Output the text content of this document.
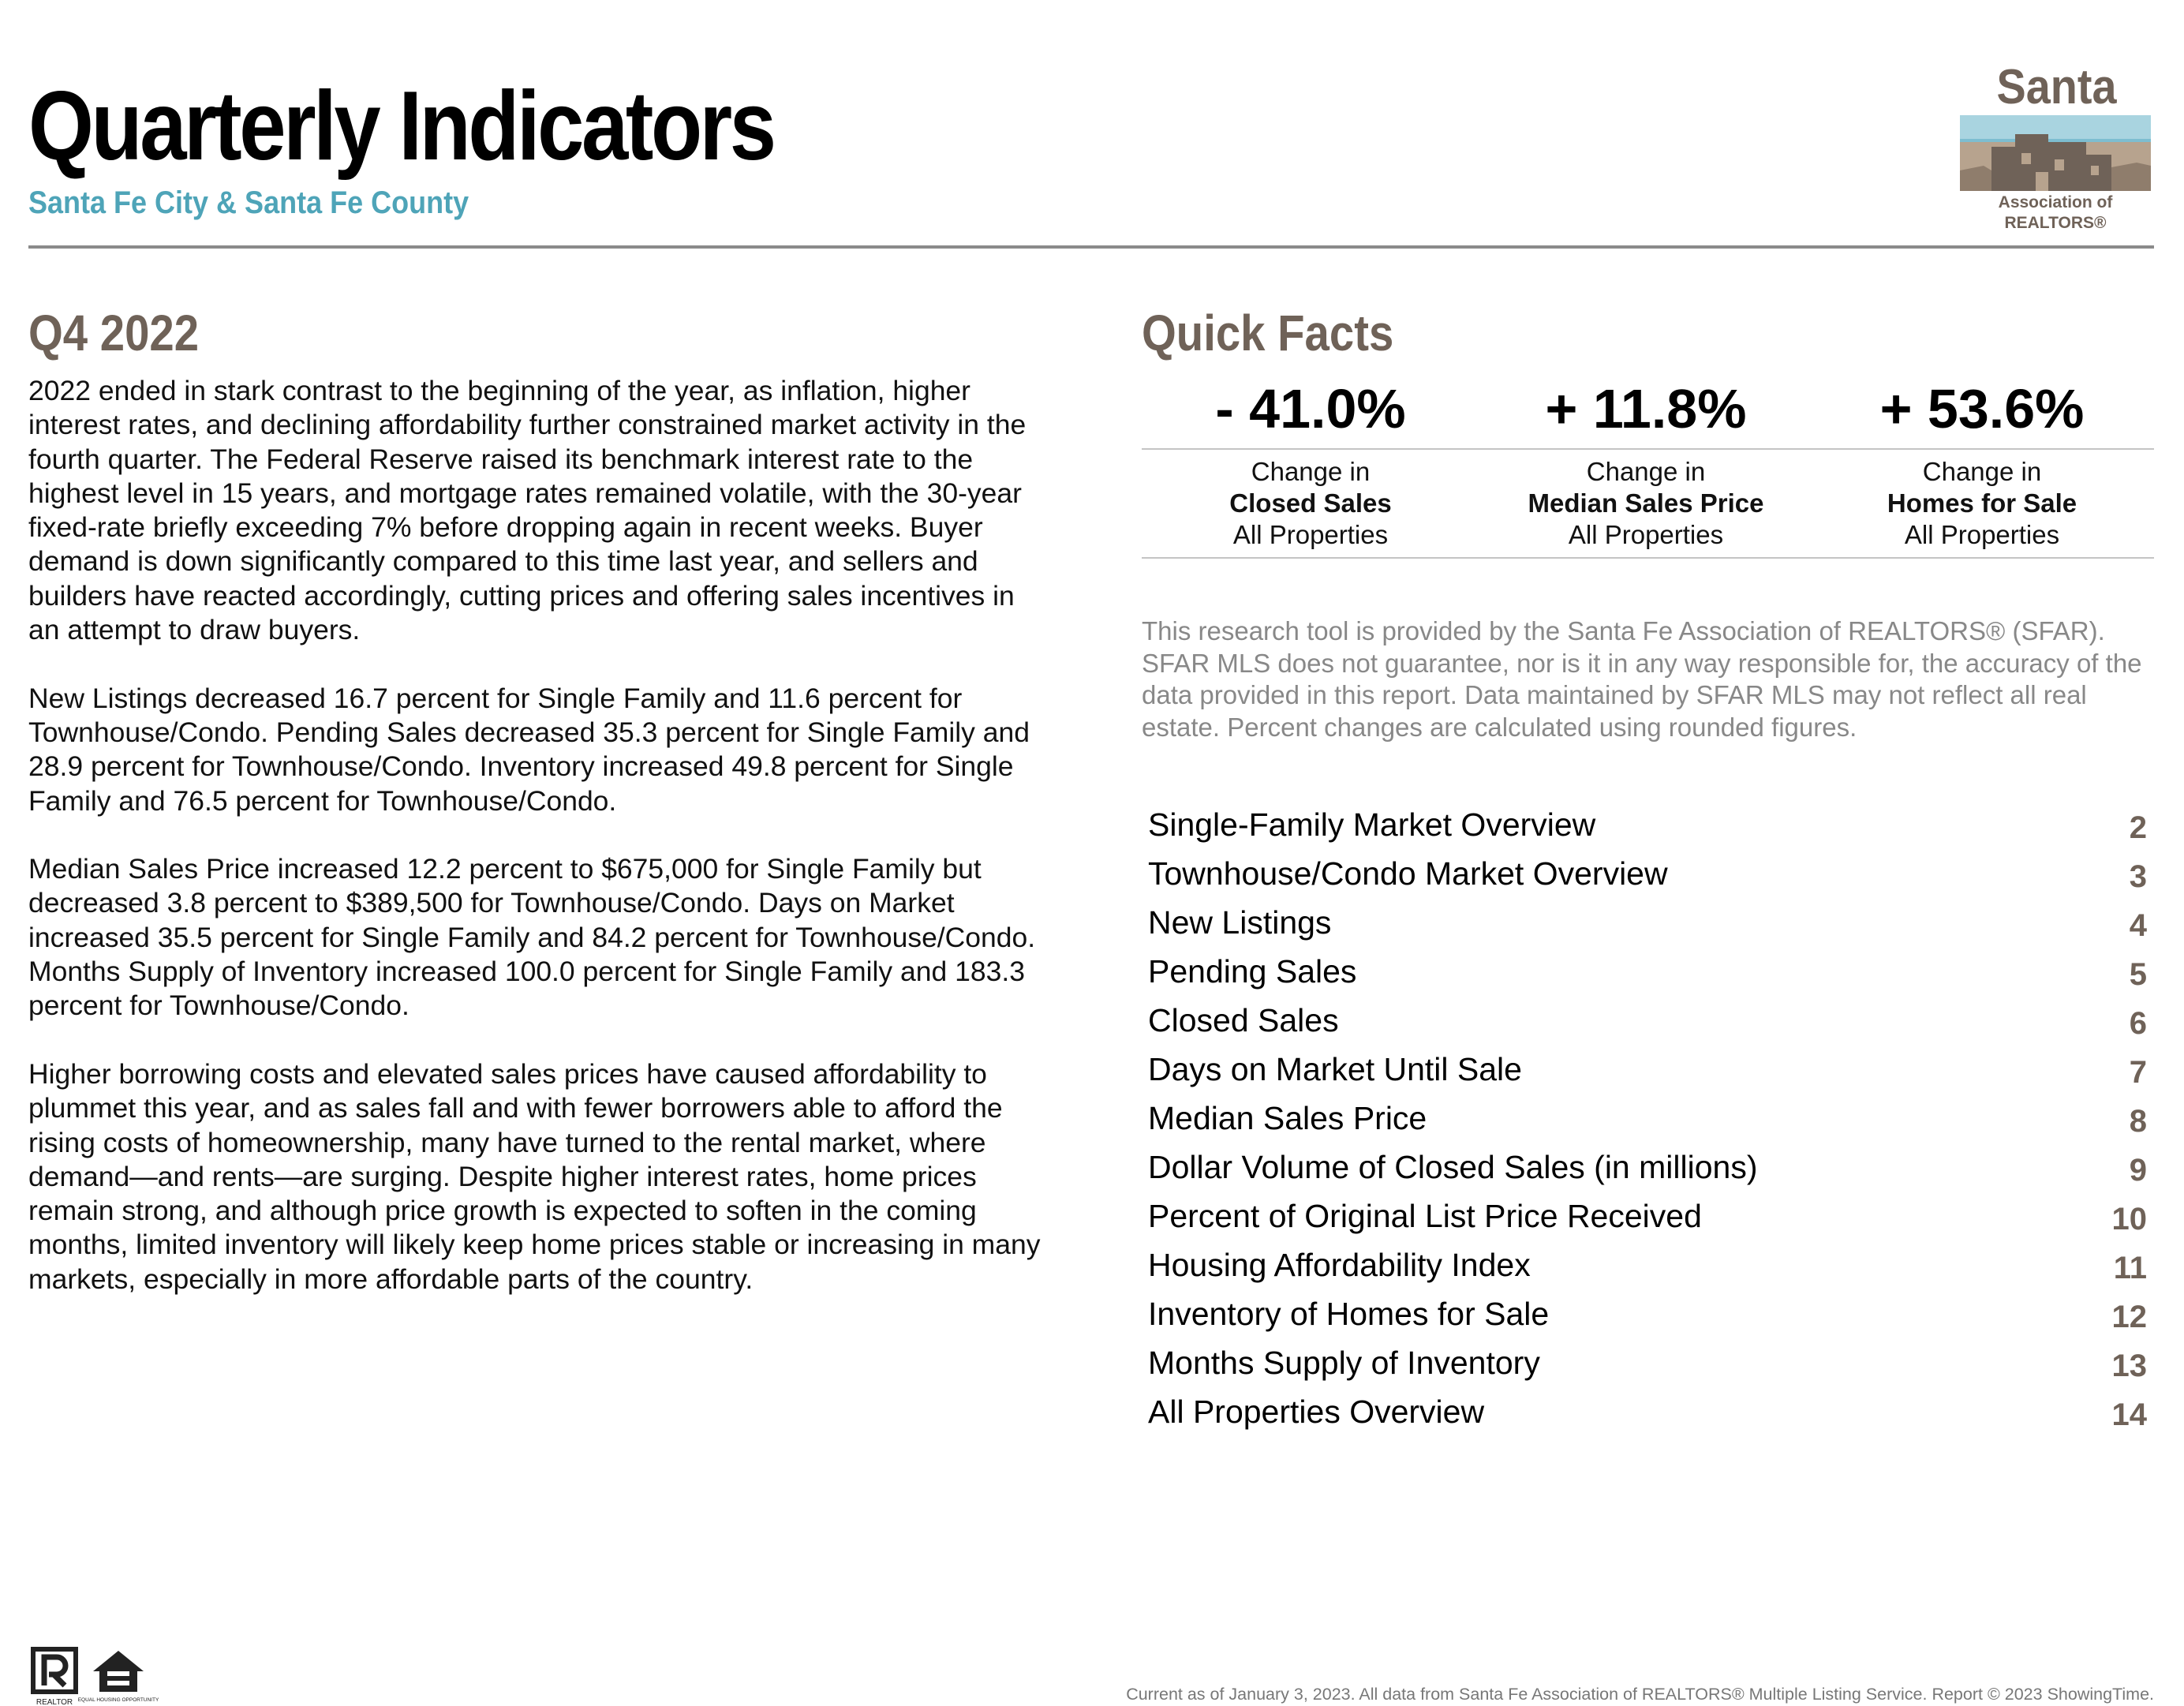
Quarterly Indicators
Santa Fe City & Santa Fe County
Santa
Association of REALTORS®
Q4 2022

2022 ended in stark contrast to the beginning of the year, as inflation, higher interest rates, and declining affordability further constrained market activity in the fourth quarter. The Federal Reserve raised its benchmark interest rate to the highest level in 15 years, and mortgage rates remained volatile, with the 30-year fixed-rate briefly exceeding 7% before dropping again in recent weeks. Buyer demand is down significantly compared to this time last year, and sellers and builders have reacted accordingly, cutting prices and offering sales incentives in an attempt to draw buyers.

New Listings decreased 16.7 percent for Single Family and 11.6 percent for Townhouse/Condo. Pending Sales decreased 35.3 percent for Single Family and 28.9 percent for Townhouse/Condo. Inventory increased 49.8 percent for Single Family and 76.5 percent for Townhouse/Condo.

Median Sales Price increased 12.2 percent to $675,000 for Single Family but decreased 3.8 percent to $389,500 for Townhouse/Condo. Days on Market increased 35.5 percent for Single Family and 84.2 percent for Townhouse/Condo. Months Supply of Inventory increased 100.0 percent for Single Family and 183.3 percent for Townhouse/Condo.

Higher borrowing costs and elevated sales prices have caused affordability to plummet this year, and as sales fall and with fewer borrowers able to afford the rising costs of homeownership, many have turned to the rental market, where demand—and rents—are surging. Despite higher interest rates, home prices remain strong, and although price growth is expected to soften in the coming months, limited inventory will likely keep home prices stable or increasing in many markets, especially in more affordable parts of the country.

Quick Facts
- 41.0%
Change in
Closed Sales
All Properties
+ 11.8%
Change in
Median Sales Price
All Properties
+ 53.6%
Change in
Homes for Sale
All Properties
This research tool is provided by the Santa Fe Association of REALTORS® (SFAR). SFAR MLS does not guarantee, nor is it in any way responsible for, the accuracy of the data provided in this report. Data maintained by SFAR MLS may not reflect all real estate. Percent changes are calculated using rounded figures.
Single-Family Market Overview	2
Townhouse/Condo Market Overview	3
New Listings	4
Pending Sales	5
Closed Sales	6
Days on Market Until Sale	7
Median Sales Price	8
Dollar Volume of Closed Sales (in millions)	9
Percent of Original List Price Received	10
Housing Affordability Index	11
Inventory of Homes for Sale	12
Months Supply of Inventory	13
All Properties Overview	14
REALTOR EQUAL HOUSING OPPORTUNITY	Current as of January 3, 2023. All data from Santa Fe Association of REALTORS® Multiple Listing Service. Report © 2023 ShowingTime.
